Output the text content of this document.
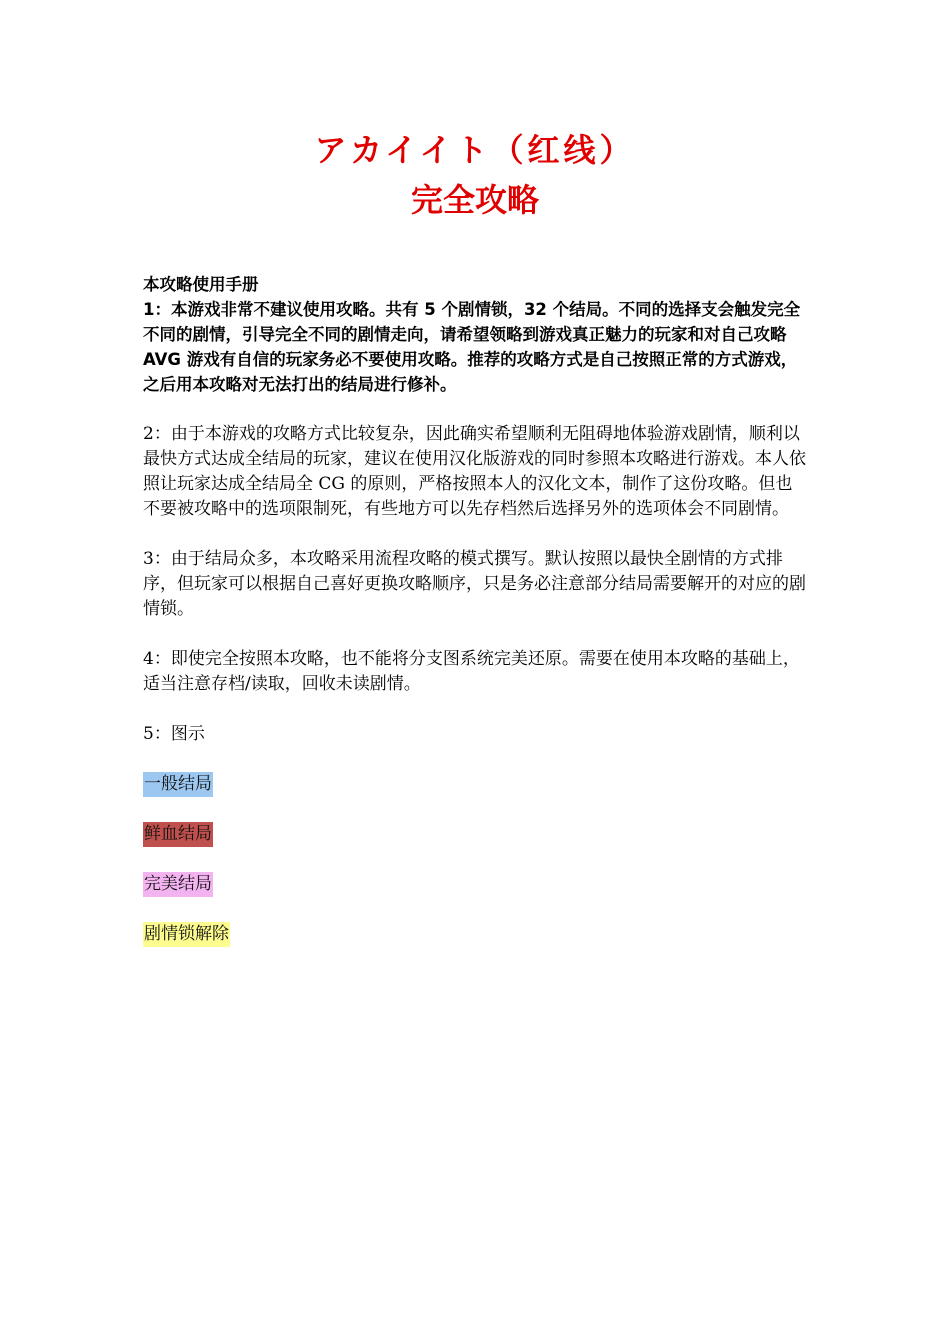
アカイイト（红线）
完全攻略

本攻略使用手册

1：本游戏非常不建议使用攻略。共有 5 个剧情锁，32 个结局。不同的选择支会触发完全不同的剧情，引导完全不同的剧情走向，请希望领略到游戏真正魅力的玩家和对自己攻略 AVG 游戏有自信的玩家务必不要使用攻略。推荐的攻略方式是自己按照正常的方式游戏，之后用本攻略对无法打出的结局进行修补。

2：由于本游戏的攻略方式比较复杂，因此确实希望顺利无阻碍地体验游戏剧情，顺利以最快方式达成全结局的玩家，建议在使用汉化版游戏的同时参照本攻略进行游戏。本人依照让玩家达成全结局全 CG 的原则，严格按照本人的汉化文本，制作了这份攻略。但也不要被攻略中的选项限制死，有些地方可以先存档然后选择另外的选项体会不同剧情。

3：由于结局众多，本攻略采用流程攻略的模式撰写。默认按照以最快全剧情的方式排序，但玩家可以根据自己喜好更换攻略顺序，只是务必注意部分结局需要解开的对应的剧情锁。

4：即使完全按照本攻略，也不能将分支图系统完美还原。需要在使用本攻略的基础上，适当注意存档/读取，回收未读剧情。

5：图示

一般结局

鲜血结局

完美结局

剧情锁解除
